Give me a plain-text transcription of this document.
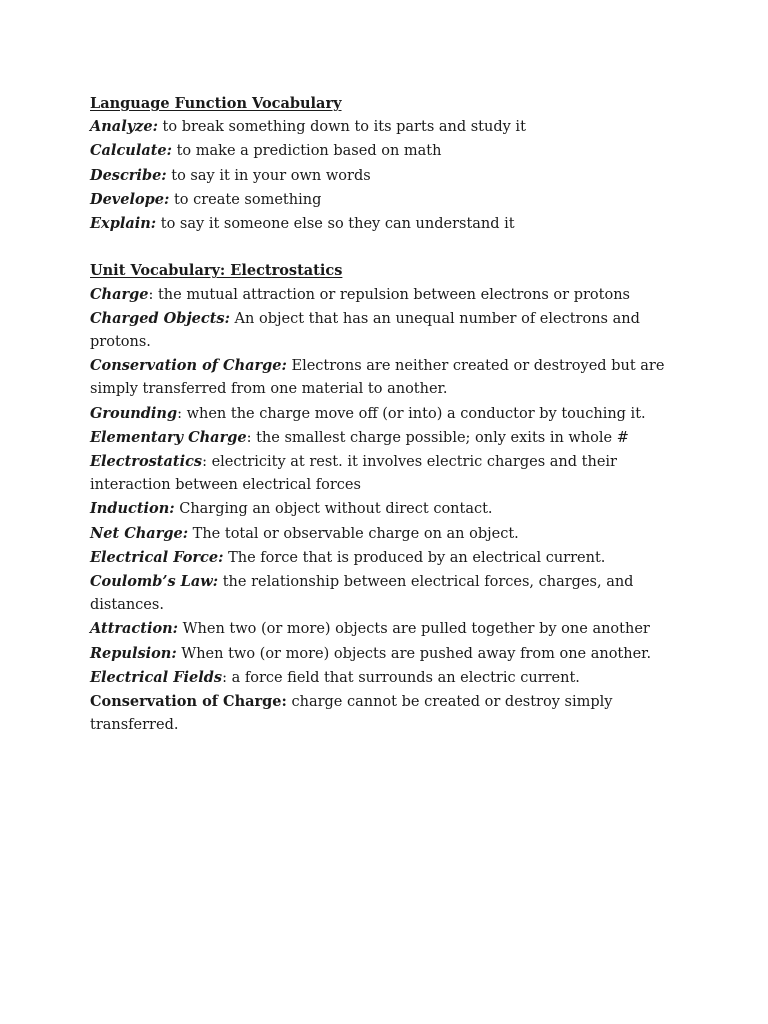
Language Function Vocabulary

Analyze: to break something down to its parts and study it

Calculate: to make a prediction based on math

Describe: to say it in your own words

Develope: to create something

Explain: to say it someone else so they can understand it

Unit Vocabulary: Electrostatics

Charge: the mutual attraction or repulsion between electrons or protons

Charged Objects: An object that has an unequal number of electrons and protons.

Conservation of Charge: Electrons are neither created or destroyed but are simply transferred from one material to another.

Grounding: when the charge move off (or into) a conductor by touching it.

Elementary Charge: the smallest charge possible; only exits in whole #

Electrostatics: electricity at rest. it involves electric charges and their interaction between electrical forces

Induction: Charging an object without direct contact.

Net Charge: The total or observable charge on an object.

Electrical Force: The force that is produced by an electrical current.

Coulomb’s Law: the relationship between electrical forces, charges, and distances.

Attraction: When two (or more) objects are pulled together by one another

Repulsion: When two (or more) objects are pushed away from one another.

Electrical Fields: a force field that surrounds an electric current.

Conservation of Charge: charge cannot be created or destroy simply transferred.
